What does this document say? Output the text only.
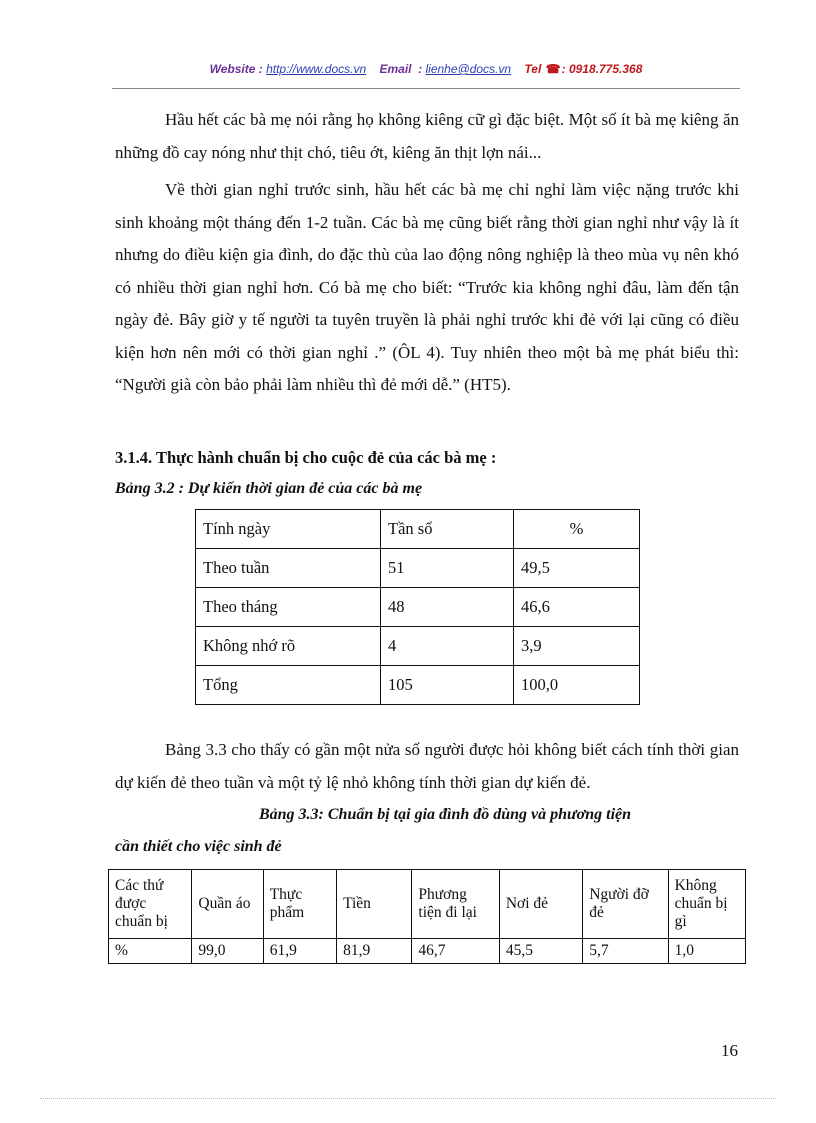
Website : http://www.docs.vn Email : lienhe@docs.vn Tel ☎: 0918.775.368

Hầu hết các bà mẹ nói rằng họ không kiêng cữ gì đặc biệt. Một số ít bà mẹ kiêng ăn những đồ cay nóng như thịt chó, tiêu ớt, kiêng ăn thịt lợn nái...

Về thời gian nghỉ trước sinh, hầu hết các bà mẹ chỉ nghỉ làm việc nặng trước khi sinh khoảng một tháng đến 1-2 tuần. Các bà mẹ cũng biết rằng thời gian nghỉ như vậy là ít nhưng do điều kiện gia đình, do đặc thù của lao động nông nghiệp là theo mùa vụ nên khó có nhiều thời gian nghỉ hơn. Có bà mẹ cho biết: “Trước kia không nghỉ đâu, làm đến tận ngày đẻ. Bây giờ y tế người ta tuyên truyền là phải nghỉ trước khi đẻ với lại cũng có điều kiện hơn nên mới có thời gian nghỉ .” (ÔL 4). Tuy nhiên theo một bà mẹ phát biểu thì: “Người già còn bảo phải làm nhiều thì đẻ mới dễ.” (HT5).

3.1.4. Thực hành chuẩn bị cho cuộc đẻ của các bà mẹ :

Bảng 3.2 : Dự kiến thời gian đẻ của các bà mẹ

Tính ngày	Tần số	%
Theo tuần	51	49,5
Theo tháng	48	46,6
Không nhớ rõ	4	3,9
Tổng	105	100,0

Bảng 3.3 cho thấy có gần một nửa số người được hỏi không biết cách tính thời gian dự kiến đẻ theo tuần và một tỷ lệ nhỏ không tính thời gian dự kiến đẻ.

Bảng 3.3: Chuẩn bị tại gia đình đồ dùng và phương tiện

cần thiết cho việc sinh đẻ

Các thứ được chuẩn bị	Quần áo	Thực phẩm	Tiền	Phương tiện đi lại	Nơi đẻ	Người đỡ đẻ	Không chuẩn bị gì
%	99,0	61,9	81,9	46,7	45,5	5,7	1,0
16
